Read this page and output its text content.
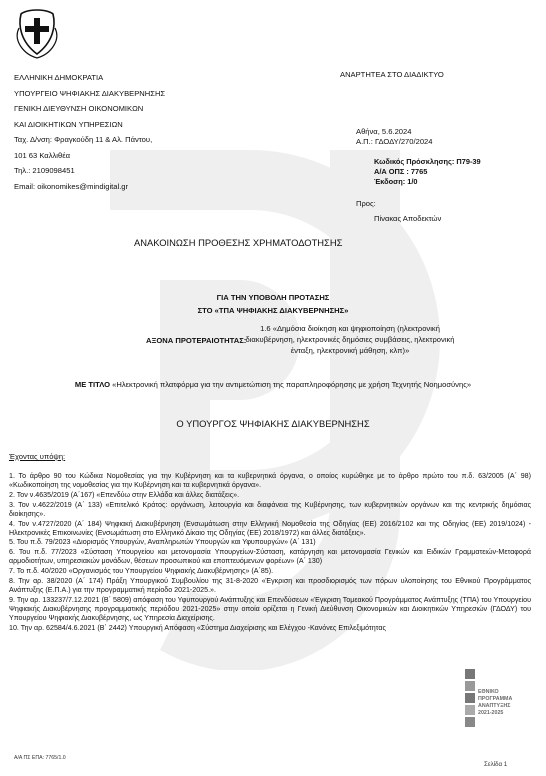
ΕΛΛΗΝΙΚΗ ΔΗΜΟΚΡΑΤΙΑ
ΥΠΟΥΡΓΕΙΟ ΨΗΦΙΑΚΗΣ ΔΙΑΚΥΒΕΡΝΗΣΗΣ
ΓΕΝΙΚΗ ΔΙΕΥΘΥΝΣΗ ΟΙΚΟΝΟΜΙΚΩΝ
ΚΑΙ ΔΙΟΙΚΗΤΙΚΩΝ ΥΠΗΡΕΣΙΩΝ
Ταχ. Δ/νση: Φραγκούδη 11 & Αλ. Πάντου,
101 63 Καλλιθέα
Τηλ.: 2109098451
Email: oikonomikes@mindigital.gr
ΑΝΑΡΤΗΤΕΑ ΣΤΟ ΔΙΑΔΙΚΤΥΟ
Αθήνα, 5.6.2024
Α.Π.: ΓΔΟΔΥ/270/2024
Κωδικός Πρόσκλησης: Π79-39
Α/Α ΟΠΣ : 7765
Έκδοση: 1/0
Προς:
Πίνακας Αποδεκτών
ΑΝΑΚΟΙΝΩΣΗ ΠΡΟΘΕΣΗΣ ΧΡΗΜΑΤΟΔΟΤΗΣΗΣ
ΓΙΑ ΤΗΝ ΥΠΟΒΟΛΗ ΠΡΟΤΑΣΗΣ
ΣΤΟ «ΤΠΑ ΨΗΦΙΑΚΗΣ ΔΙΑΚΥΒΕΡΝΗΣΗΣ»
ΑΞΟΝΑ ΠΡΟΤΕΡΑΙΟΤΗΤΑΣ:
1.6 «Δημόσια διοίκηση και ψηφιοποίηση (ηλεκτρονική διακυβέρνηση, ηλεκτρονικές δημόσιες συμβάσεις, ηλεκτρονική ένταξη, ηλεκτρονική μάθηση, κλπ)»
ΜΕ ΤΙΤΛΟ «Ηλεκτρονική πλατφόρμα για την αντιμετώπιση της παραπληροφόρησης με χρήση Τεχνητής Νοημοσύνης»
Ο ΥΠΟΥΡΓΟΣ ΨΗΦΙΑΚΗΣ ΔΙΑΚΥΒΕΡΝΗΣΗΣ
Έχοντας υπόψη:
1. Το άρθρο 90 του Κώδικα Νομοθεσίας για την Κυβέρνηση και τα κυβερνητικά όργανα, ο οποίος κυρώθηκε με το άρθρο πρώτο του π.δ. 63/2005 (Α΄ 98) «Κωδικοποίηση της νομοθεσίας για την Κυβέρνηση και τα κυβερνητικά όργανα».
2. Τον ν.4635/2019 (Α΄167) «Επενδύω στην Ελλάδα και άλλες διατάξεις».
3. Τον ν.4622/2019 (Α΄ 133) «Επιτελικό Κράτος: οργάνωση, λειτουργία και διαφάνεια της Κυβέρνησης, των κυβερνητικών οργάνων και της κεντρικής δημόσιας διοίκησης».
4. Τον ν.4727/2020 (Α΄ 184) Ψηφιακή Διακυβέρνηση (Ενσωμάτωση στην Ελληνική Νομοθεσία της Οδηγίας (ΕΕ) 2016/2102 και της Οδηγίας (ΕΕ) 2019/1024) - Ηλεκτρονικές Επικοινωνίες (Ενσωμάτωση στο Ελληνικό Δίκαιο της Οδηγίας (ΕΕ) 2018/1972) και άλλες διατάξεις».
5. Του π.δ. 79/2023 «Διορισμός Υπουργών, Αναπληρωτών Υπουργών και Υφυπουργών» (Α΄ 131)
6. Του π.δ. 77/2023 «Σύσταση Υπουργείου και μετονομασία Υπουργείων-Σύσταση, κατάργηση και μετονομασία Γενικών και Ειδικών Γραμματειών-Μεταφορά αρμοδιοτήτων, υπηρεσιακών μονάδων, θέσεων προσωπικού και εποπτευόμενων φορέων» (Α΄ 130)
7. Το π.δ. 40/2020 «Οργανισμός του Υπουργείου Ψηφιακής Διακυβέρνησης» (Α΄85).
8. Την αρ. 38/2020 (Α΄ 174) Πράξη Υπουργικού Συμβουλίου της 31-8-2020 «Έγκριση και προσδιορισμός των πόρων υλοποίησης του Εθνικού Προγράμματος Ανάπτυξης (Ε.Π.Α.) για την προγραμματική περίοδο 2021-2025.».
9. Την αρ. 133237/7.12.2021 (Β΄ 5809) απόφαση του Υφυπουργού Ανάπτυξης και Επενδύσεων «Έγκριση Τομεακού Προγράμματος Ανάπτυξης (ΤΠΑ) του Υπουργείου Ψηφιακής Διακυβέρνησης προγραμματικής περιόδου 2021-2025» στην οποία ορίζεται η Γενική Διεύθυνση Οικονομικών και Διοικητικών Υπηρεσιών (ΓΔΟΔΥ) του Υπουργείου Ψηφιακής Διακυβέρνησης, ως Υπηρεσία Διαχείρισης.
10. Την αρ. 62584/4.6.2021 (Β΄ 2442) Υπουργική Απόφαση «Σύστημα Διαχείρισης και Ελέγχου -Κανόνες Επιλεξιμότητας
ΕΘΝΙΚΟ
ΠΡΟΓΡΑΜΜΑ
ΑΝΑΠΤΥΞΗΣ
2021-2025
Α/Α ΠΣ ΕΠΑ: 7765/1.0
Σελίδα 1
